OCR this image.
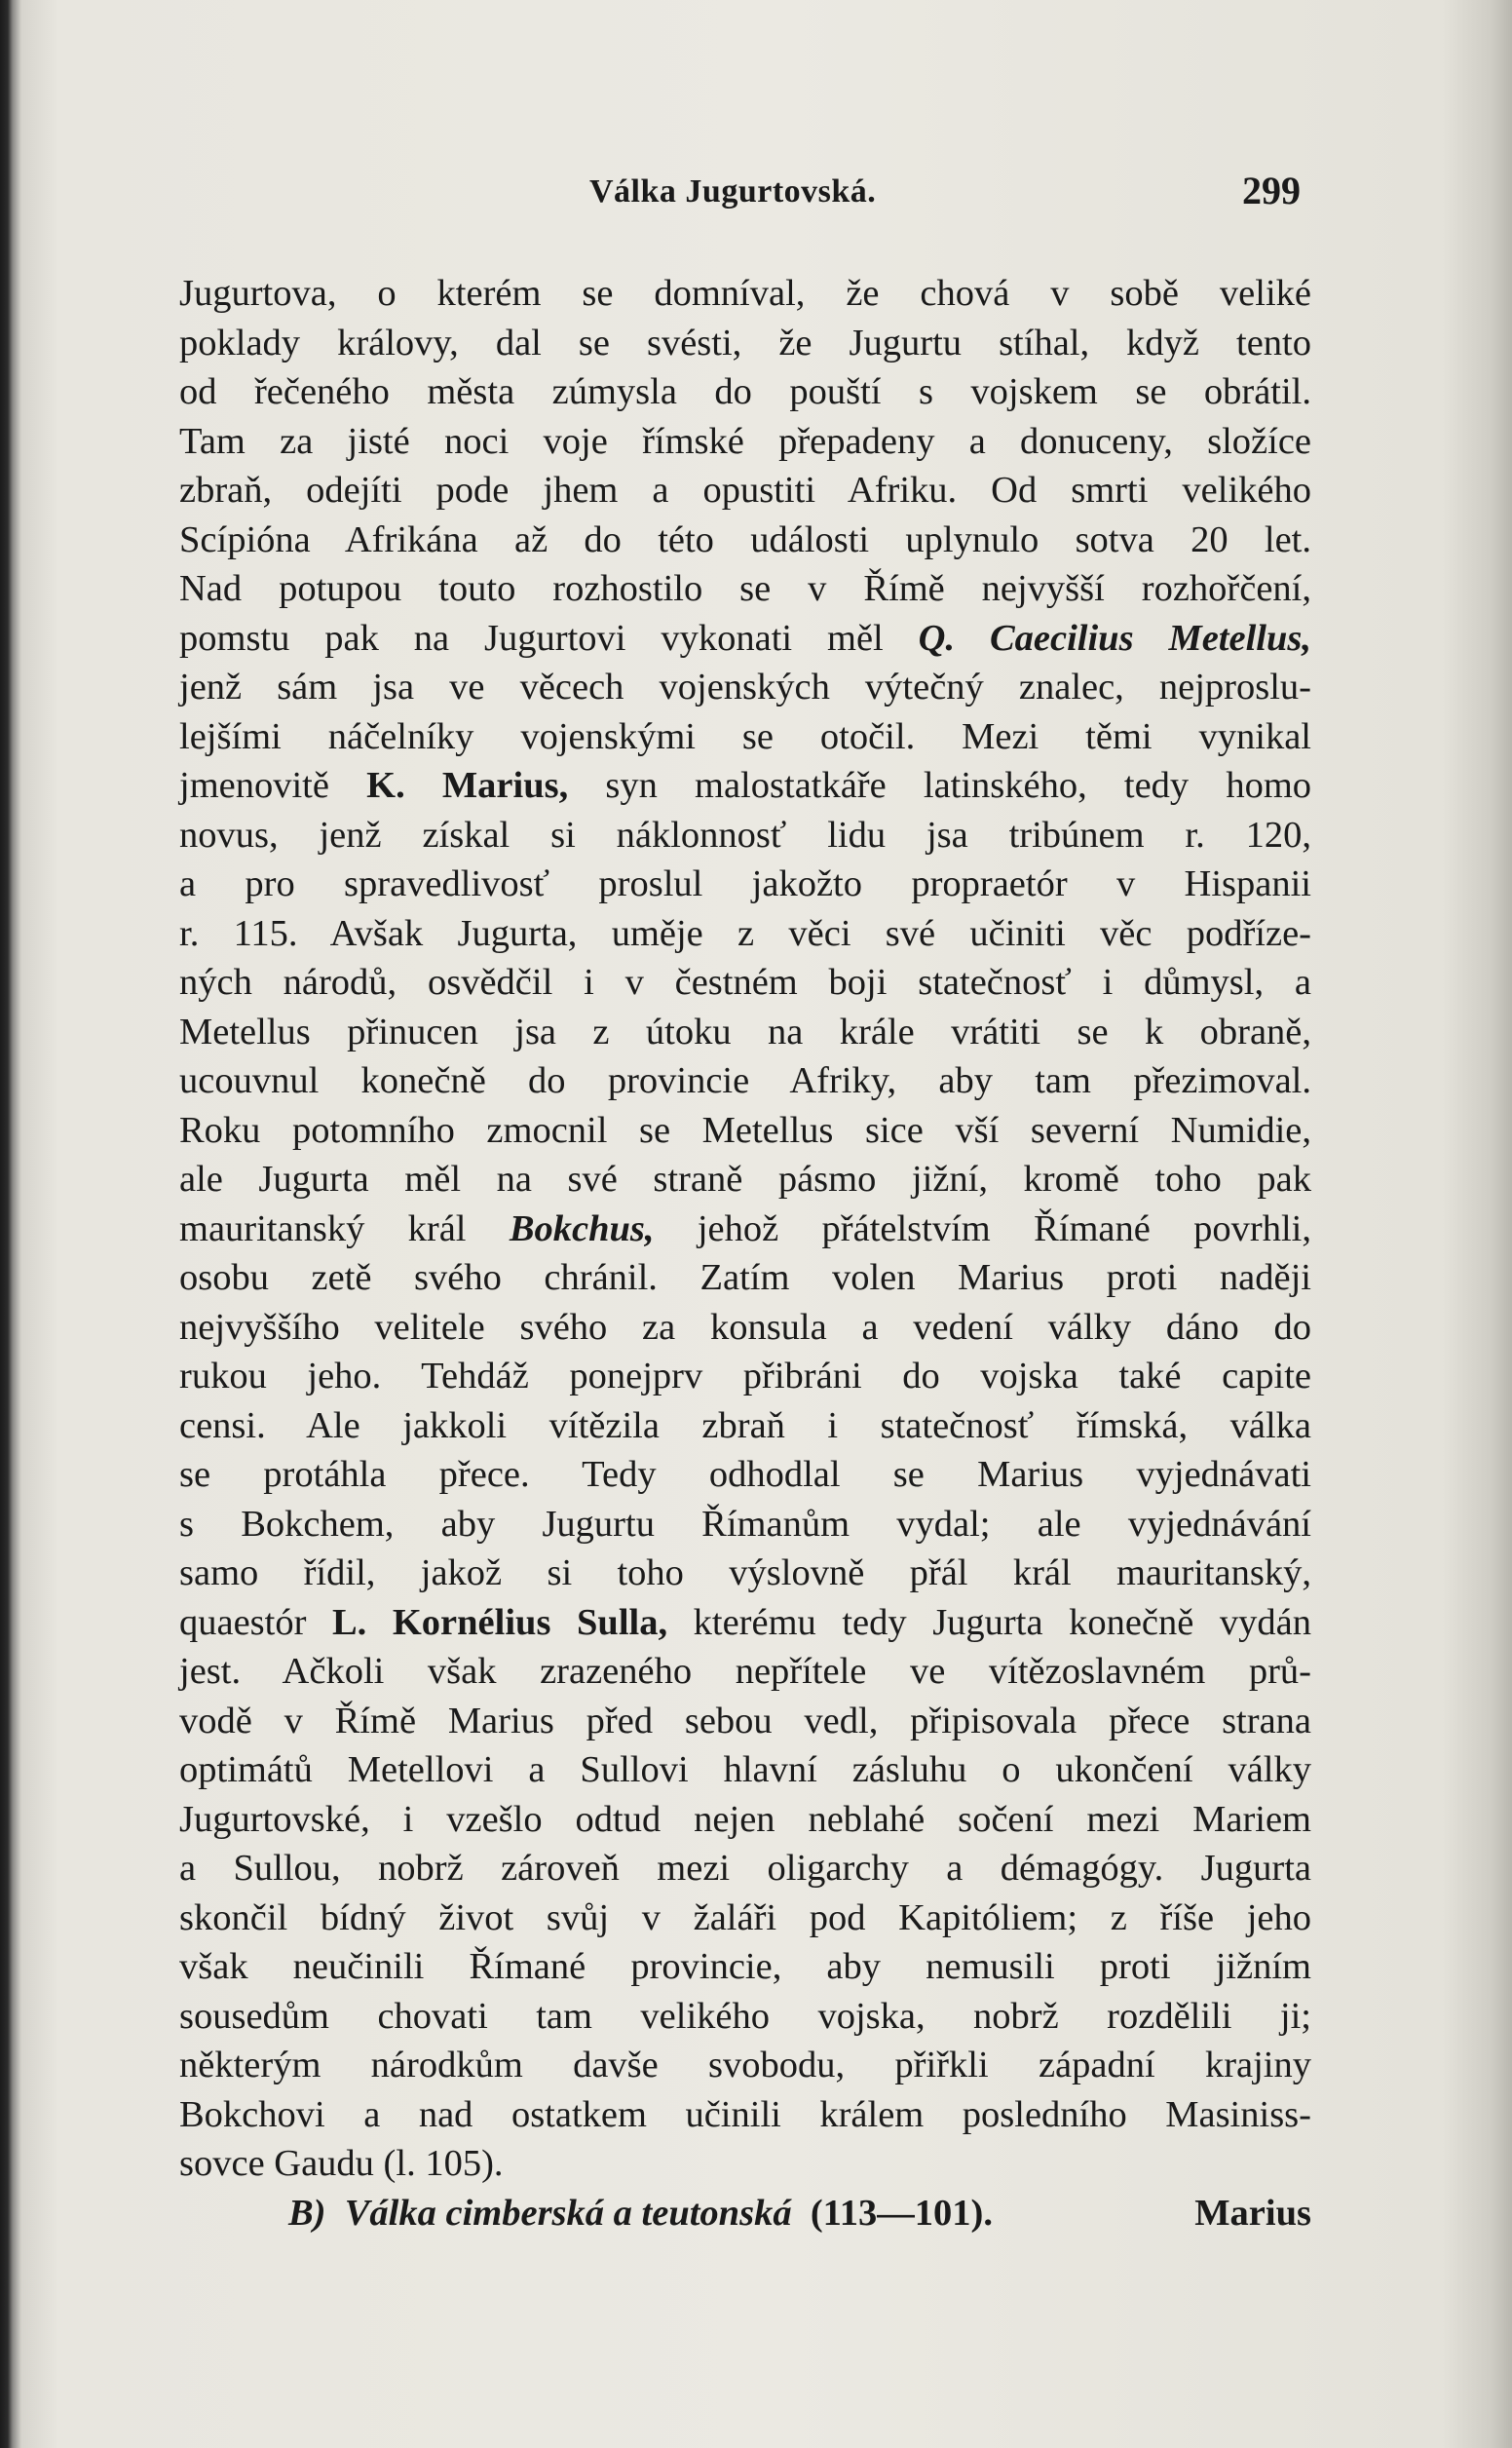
Válka Jugurtovská.	299
Jugurtova, o kterém se domníval, že chová v sobě veliké
poklady královy, dal se svésti, že Jugurtu stíhal, když tento
od řečeného města zúmysla do pouští s vojskem se obrátil.
Tam za jisté noci voje římské přepadeny a donuceny, složíce
zbraň, odejíti pode jhem a opustiti Afriku. Od smrti velikého
Scípióna Afrikána až do této události uplynulo sotva 20 let.
Nad potupou touto rozhostilo se v Římě nejvyšší rozhořčení,
pomstu pak na Jugurtovi vykonati měl Q. Caecilius Metellus,
jenž sám jsa ve věcech vojenských výtečný znalec, nejproslu-
lejšími náčelníky vojenskými se otočil. Mezi těmi vynikal
jmenovitě K. Marius, syn malostatkáře latinského, tedy homo
novus, jenž získal si náklonnosť lidu jsa tribúnem r. 120,
a pro spravedlivosť proslul jakožto propraetór v Hispanii
r. 115. Avšak Jugurta, uměje z věci své učiniti věc podříze-
ných národů, osvědčil i v čestném boji statečnosť i důmysl, a
Metellus přinucen jsa z útoku na krále vrátiti se k obraně,
ucouvnul konečně do provincie Afriky, aby tam přezimoval.
Roku potomního zmocnil se Metellus sice vší severní Numidie,
ale Jugurta měl na své straně pásmo jižní, kromě toho pak
mauritanský král Bokchus, jehož přátelstvím Římané povrhli,
osobu zetě svého chránil. Zatím volen Marius proti naději
nejvyššího velitele svého za konsula a vedení války dáno do
rukou jeho. Tehdáž ponejprv přibráni do vojska také capite
censi. Ale jakkoli vítězila zbraň i statečnosť římská, válka
se protáhla přece. Tedy odhodlal se Marius vyjednávati
s Bokchem, aby Jugurtu Římanům vydal; ale vyjednávání
samo řídil, jakož si toho výslovně přál král mauritanský,
quaestór L. Kornélius Sulla, kterému tedy Jugurta konečně vydán
jest. Ačkoli však zrazeného nepřítele ve vítězoslavném prů-
vodě v Římě Marius před sebou vedl, připisovala přece strana
optimátů Metellovi a Sullovi hlavní zásluhu o ukončení války
Jugurtovské, i vzešlo odtud nejen neblahé sočení mezi Mariem
a Sullou, nobrž zároveň mezi oligarchy a démagógy. Jugurta
skončil bídný život svůj v žaláři pod Kapitóliem; z říše jeho
však neučinili Římané provincie, aby nemusili proti jižním
sousedům chovati tam velikého vojska, nobrž rozdělili ji;
některým národkům davše svobodu, přiřkli západní krajiny
Bokchovi a nad ostatkem učinili králem posledního Masiniss-
sovce Gaudu (l. 105).
B) Válka cimberská a teutonská (113—101).	Marius
